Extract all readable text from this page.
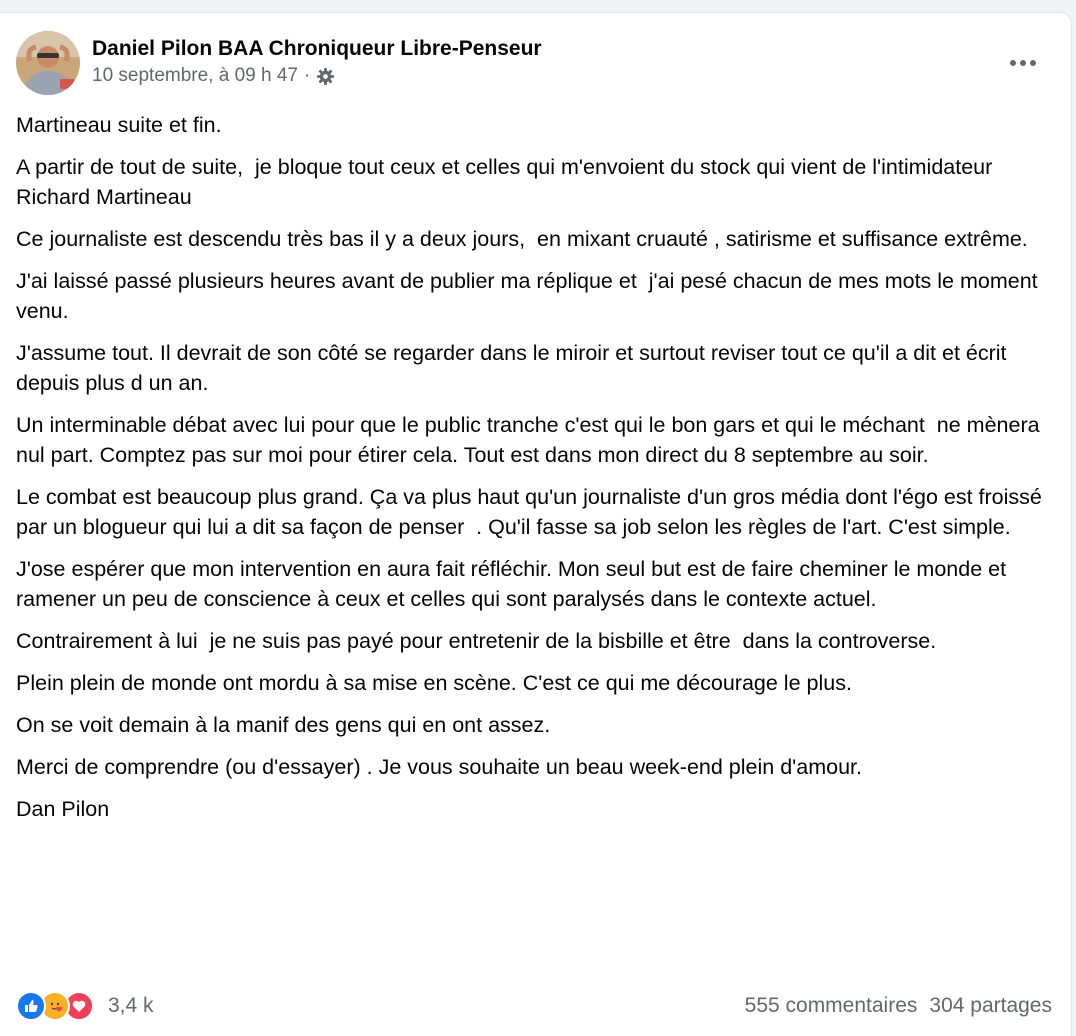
Daniel Pilon BAA Chroniqueur Libre-Penseur
10 septembre, à 09 h 47 ·

Martineau suite et fin.

A partir de tout de suite,  je bloque tout ceux et celles qui m'envoient du stock qui vient de l'intimidateur Richard Martineau

Ce journaliste est descendu très bas il y a deux jours,  en mixant cruauté , satirisme et suffisance extrême.

J'ai laissé passé plusieurs heures avant de publier ma réplique et  j'ai pesé chacun de mes mots le moment venu.

J'assume tout. Il devrait de son côté se regarder dans le miroir et surtout reviser tout ce qu'il a dit et écrit depuis plus d un an.

Un interminable débat avec lui pour que le public tranche c'est qui le bon gars et qui le méchant  ne mènera nul part. Comptez pas sur moi pour étirer cela. Tout est dans mon direct du 8 septembre au soir.

Le combat est beaucoup plus grand. Ça va plus haut qu'un journaliste d'un gros média dont l'égo est froissé par un blogueur qui lui a dit sa façon de penser  . Qu'il fasse sa job selon les règles de l'art. C'est simple.

J'ose espérer que mon intervention en aura fait réfléchir. Mon seul but est de faire cheminer le monde et ramener un peu de conscience à ceux et celles qui sont paralysés dans le contexte actuel.

Contrairement à lui  je ne suis pas payé pour entretenir de la bisbille et être  dans la controverse.

Plein plein de monde ont mordu à sa mise en scène. C'est ce qui me décourage le plus.

On se voit demain à la manif des gens qui en ont assez.

Merci de comprendre (ou d'essayer) . Je vous souhaite un beau week-end plein d'amour.

Dan Pilon

3,4 k	555 commentaires 304 partages
